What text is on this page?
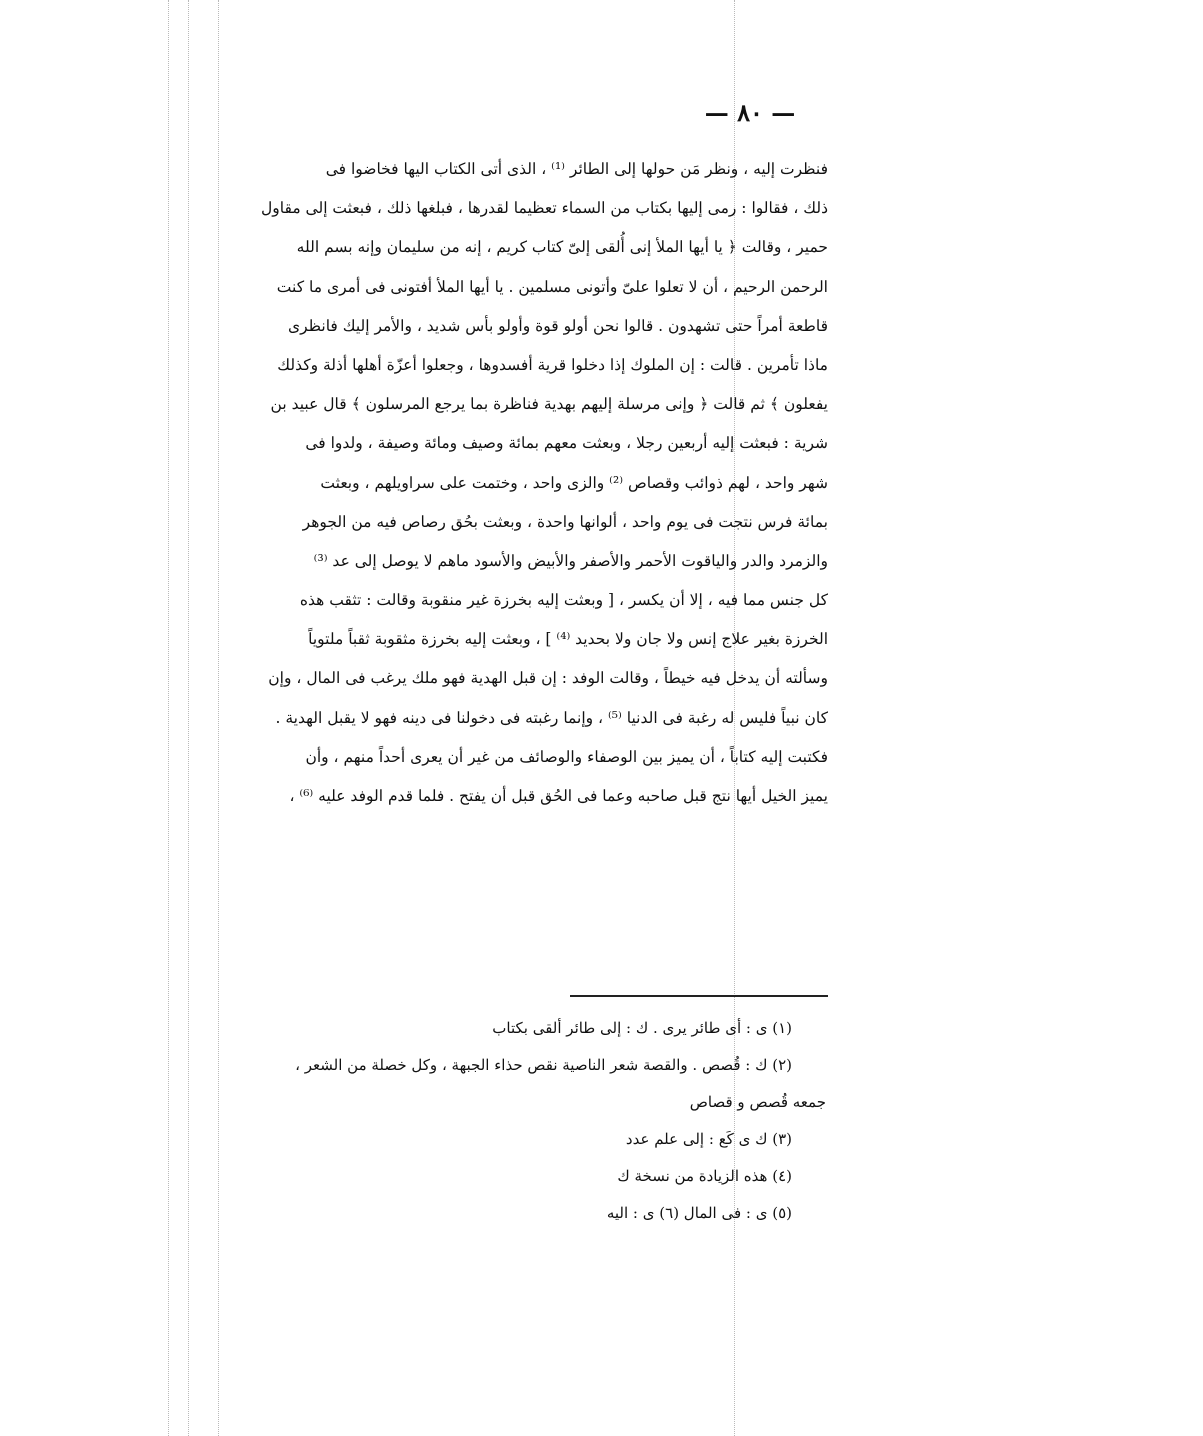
— ٨٠ —
فنظرت إليه ، ونظر مَن حولها إلى الطائر ⁽¹⁾ ، الذى أتى الكتاب اليها فخاضوا فى
ذلك ، فقالوا : رمى إليها بكتاب من السماء تعظيما لقدرها ، فبلغها ذلك ، فبعثت إلى مقاول
حمير ، وقالت ﴿ يا أيها الملأ إنى أُلقى إلىّ كتاب كريم ، إنه من سليمان وإنه بسم الله
الرحمن الرحيم ، أن لا تعلوا علىّ وأتونى مسلمين . يا أيها الملأ أفتونى فى أمرى ما كنت
قاطعة أمراً حتى تشهدون . قالوا نحن أولو قوة وأولو بأس شديد ، والأمر إليك فانظرى
ماذا تأمرين . قالت : إن الملوك إذا دخلوا قرية أفسدوها ، وجعلوا أعزّة أهلها أذلة وكذلك
يفعلون ﴾ ثم قالت ﴿ وإنى مرسلة إليهم بهدية فناظرة بما يرجع المرسلون ﴾ قال عبيد بن
شرية : فبعثت إليه أربعين رجلا ، وبعثت معهم بمائة وصيف ومائة وصيفة ، ولدوا فى
شهر واحد ، لهم ذوائب وقصاص ⁽²⁾ والزى واحد ، وختمت على سراويلهم ، وبعثت
بمائة فرس نتجت فى يوم واحد ، ألوانها واحدة ، وبعثت بحُق رصاص فيه من الجوهر
والزمرد والدر والياقوت الأحمر والأصفر والأبيض والأسود ماهم لا يوصل إلى عد ⁽³⁾
كل جنس مما فيه ، إلا أن يكسر ، [ وبعثت إليه بخرزة غير منقوبة وقالت : تثقب هذه
الخرزة بغير علاج إنس ولا جان ولا بحديد ⁽⁴⁾ ] ، وبعثت إليه بخرزة مثقوبة ثقباً ملتوياً
وسألته أن يدخل فيه خيطاً ، وقالت الوفد : إن قبل الهدية فهو ملك يرغب فى المال ، وإن
كان نبياً فليس له رغبة فى الدنيا ⁽⁵⁾ ، وإنما رغبته فى دخولنا فى دينه فهو لا يقبل الهدية .
فكتبت إليه كتاباً ، أن يميز بين الوصفاء والوصائف من غير أن يعرى أحداً منهم ، وأن
يميز الخيل أيها نتج قبل صاحبه وعما فى الحُق قبل أن يفتح . فلما قدم الوفد عليه ⁽⁶⁾ ،
(١) ى : أى طائر يرى . ك : إلى طائر ألقى بكتاب
(٢) ك : قُصص . والقصة شعر الناصية نقص حذاء الجبهة ، وكل خصلة من الشعر ،
جمعه قُصص و قصاص
(٣) ك ى كَع : إلى علم عدد
(٤) هذه الزيادة من نسخة ك
(٥) ى : فى المال (٦) ى : اليه
